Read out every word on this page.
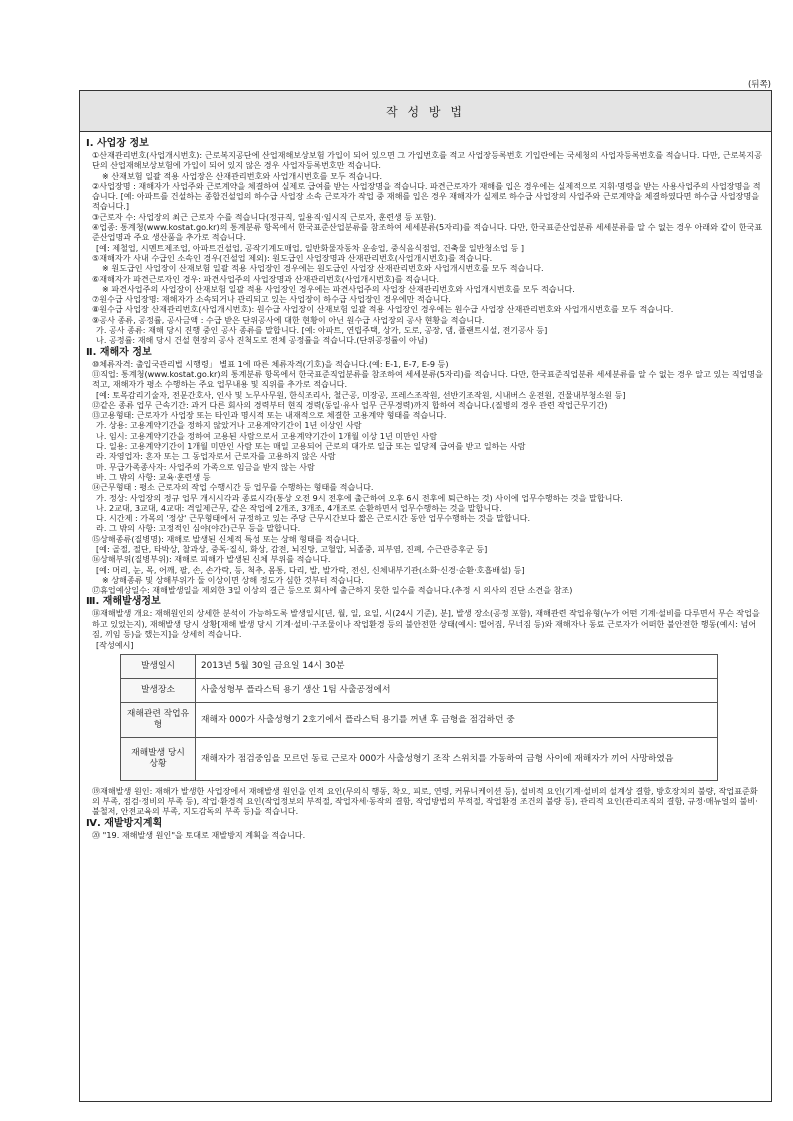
(뒤쪽)
작 성 방 법
Ⅰ. 사업장 정보

①산재관리번호(사업개시번호): 근로복지공단에 산업재해보상보험 가입이 되어 있으면 그 가입번호를 적고 사업장등록번호 기입란에는 국세청의 사업자등록번호를 적습니다. 다만, 근로복지공단의 산업재해보상보험에 가입이 되어 있지 않은 경우 사업자등록번호만 적습니다.

※ 산재보험 일괄 적용 사업장은 산재관리번호와 사업개시번호를 모두 적습니다.

②사업장명 : 재해자가 사업주와 근로계약을 체결하여 실제로 급여를 받는 사업장명을 적습니다. 파견근로자가 재해를 입은 경우에는 실제적으로 지휘·명령을 받는 사용사업주의 사업장명을 적습니다. [예: 아파트를 건설하는 종합건설업의 하수급 사업장 소속 근로자가 작업 중 재해를 입은 경우 재해자가 실제로 하수급 사업장의 사업주와 근로계약을 체결하였다면 하수급 사업장명을 적습니다.]

③근로자 수: 사업장의 최근 근로자 수를 적습니다(정규직, 일용직·임시직 근로자, 훈련생 등 포함).

④업종: 통계청(www.kostat.go.kr)의 통계분류 항목에서 한국표준산업분류를 참조하여 세세분류(5자리)를 적습니다. 다만, 한국표준산업분류 세세분류를 알 수 없는 경우 아래와 같이 한국표준산업명과 주요 생산품을 추가로 적습니다.

[예: 제철업, 시멘트제조업, 아파트건설업, 공작기계도매업, 일반화물자동차 운송업, 중식음식점업, 건축물 일반청소업 등 ]

⑤재해자가 사내 수급인 소속인 경우(건설업 제외): 원도급인 사업장명과 산재관리번호(사업개시번호)를 적습니다.

※ 원도급인 사업장이 산재보험 일괄 적용 사업장인 경우에는 원도급인 사업장 산재관리번호와 사업개시번호를 모두 적습니다.

⑥재해자가 파견근로자인 경우: 파견사업주의 사업장명과 산재관리번호(사업개시번호)를 적습니다.

※ 파견사업주의 사업장이 산재보험 일괄 적용 사업장인 경우에는 파견사업주의 사업장 산재관리번호와 사업개시번호를 모두 적습니다.

⑦원수급 사업장명: 재해자가 소속되거나 관리되고 있는 사업장이 하수급 사업장인 경우에만 적습니다.

⑧원수급 사업장 산재관리번호(사업개시번호): 원수급 사업장이 산재보험 일괄 적용 사업장인 경우에는 원수급 사업장 산재관리번호와 사업개시번호를 모두 적습니다.

⑨공사 종류, 공정률, 공사금액 : 수급 받은 단위공사에 대한 현황이 아닌 원수급 사업장의 공사 현황을 적습니다.

가. 공사 종류: 재해 당시 진행 중인 공사 종류를 말합니다. [예: 아파트, 연립주택, 상가, 도로, 공장, 댐, 플랜트시설, 전기공사 등]

나. 공정률: 재해 당시 건설 현장의 공사 진척도로 전체 공정률을 적습니다.(단위공정률이 아님)

Ⅱ. 재해자 정보

⑩체류자격: 출입국관리법 시행령」 별표 1에 따른 체류자격(기호)을 적습니다.(예: E-1, E-7, E-9 등)

⑪직업: 통계청(www.kostat.go.kr)의 통계분류 항목에서 한국표준직업분류를 참조하여 세세분류(5자리)를 적습니다. 다만, 한국표준직업분류 세세분류를 알 수 없는 경우 알고 있는 직업명을 적고, 재해자가 평소 수행하는 주요 업무내용 및 직위를 추가로 적습니다.

[예: 토목감리기술자, 전문간호사, 인사 및 노무사무원, 한식조리사, 철근공, 미장공, 프레스조작원, 선반기조작원, 시내버스 운전원, 건물내부청소원 등]

⑫같은 종류 업무 근속기간: 과거 다른 회사의 경력부터 현직 경력(동일·유사 업무 근무경력)까지 합하여 적습니다.(질병의 경우 관련 작업근무기간)

⑬고용형태: 근로자가 사업장 또는 타인과 명시적 또는 내재적으로 체결한 고용계약 형태를 적습니다.

가. 상용: 고용계약기간을 정하지 않았거나 고용계약기간이 1년 이상인 사람

나. 임시: 고용계약기간을 정하여 고용된 사람으로서 고용계약기간이 1개월 이상 1년 미만인 사람

다. 일용: 고용계약기간이 1개월 미만인 사람 또는 매일 고용되어 근로의 대가로 일급 또는 일당제 급여를 받고 일하는 사람

라. 자영업자: 혼자 또는 그 동업자로서 근로자를 고용하지 않은 사람

마. 무급가족종사자: 사업주의 가족으로 임금을 받지 않는 사람

바. 그 밖의 사항: 교육·훈련생 등

⑭근무형태 : 평소 근로자의 작업 수행시간 등 업무를 수행하는 형태를 적습니다.

가. 정상: 사업장의 정규 업무 개시시각과 종료시각(통상 오전 9시 전후에 출근하여 오후 6시 전후에 퇴근하는 것) 사이에 업무수행하는 것을 말합니다.

나. 2교대, 3교대, 4교대: 격일제근무, 같은 작업에 2개조, 3개조, 4개조로 순환하면서 업무수행하는 것을 말합니다.

다. 시간제 : 가목의 '정상' 근무형태에서 규정하고 있는 주당 근무시간보다 짧은 근로시간 동안 업무수행하는 것을 말합니다.

라. 그 밖의 사항: 고정적인 심야(야간)근무 등을 말합니다.

⑮상해종류(질병명): 재해로 발생된 신체적 특성 또는 상해 형태를 적습니다.

[예: 골절, 절단, 타박상, 찰과상, 중독·질식, 화상, 감전, 뇌진탕, 고혈압, 뇌졸중, 피부염, 진폐, 수근관증후군 등]

⑯상해부위(질병부위): 재해로 피해가 발생된 신체 부위를 적습니다.

[예: 머리, 눈, 목, 어깨, 팔, 손, 손가락, 등, 척추, 몸통, 다리, 발, 발가락, 전신, 신체내부기관(소화·신경·순환·호흡배설) 등]

※ 상해종류 및 상해부위가 둘 이상이면 상해 정도가 심한 것부터 적습니다.

⑰휴업예상일수: 재해발생일을 제외한 3일 이상의 결근 등으로 회사에 출근하지 못한 일수를 적습니다.(추정 시 의사의 진단 소견을 참조)

Ⅲ. 재해발생정보

⑱재해발생 개요: 재해원인의 상세한 분석이 가능하도록 발생일시[년, 월, 일, 요일, 시(24시 기준), 분], 발생 장소(공정 포함), 재해관련 작업유형(누가 어떤 기계·설비를 다루면서 무슨 작업을 하고 있었는지), 재해발생 당시 상황[재해 발생 당시 기계·설비·구조물이나 작업환경 등의 불안전한 상태(예시: 떨어짐, 무너짐 등)와 재해자나 동료 근로자가 어떠한 불안전한 행동(예시: 넘어짐, 끼임 등)을 했는지]을 상세히 적습니다.

[작성예시]

발생일시	2013년 5월 30일 금요일 14시 30분
발생장소	사출성형부 플라스틱 용기 생산 1팀 사출공정에서
재해관련 작업유형	재해자 000가 사출성형기 2호기에서 플라스틱 용기를 꺼낸 후 금형을 점검하던 중
재해발생 당시 상황	재해자가 점검중임을 모르던 동료 근로자 000가 사출성형기 조작 스위치를 가동하여 금형 사이에 재해자가 끼어 사망하였음

⑲재해발생 원인: 재해가 발생한 사업장에서 재해발생 원인을 인적 요인(무의식 행동, 착오, 피로, 연령, 커뮤니케이션 등), 설비적 요인(기계·설비의 설계상 결함, 방호장치의 불량, 작업표준화의 부족, 점검·정비의 부족 등), 작업·환경적 요인(작업정보의 부적절, 작업자세·동작의 결함, 작업방법의 부적절, 작업환경 조건의 불량 등), 관리적 요인(관리조직의 결함, 규정·매뉴얼의 불비·불철저, 안전교육의 부족, 지도감독의 부족 등)을 적습니다.

Ⅳ. 재발방지계획

⑳ "19. 재해발생 원인"을 토대로 재발방지 계획을 적습니다.
